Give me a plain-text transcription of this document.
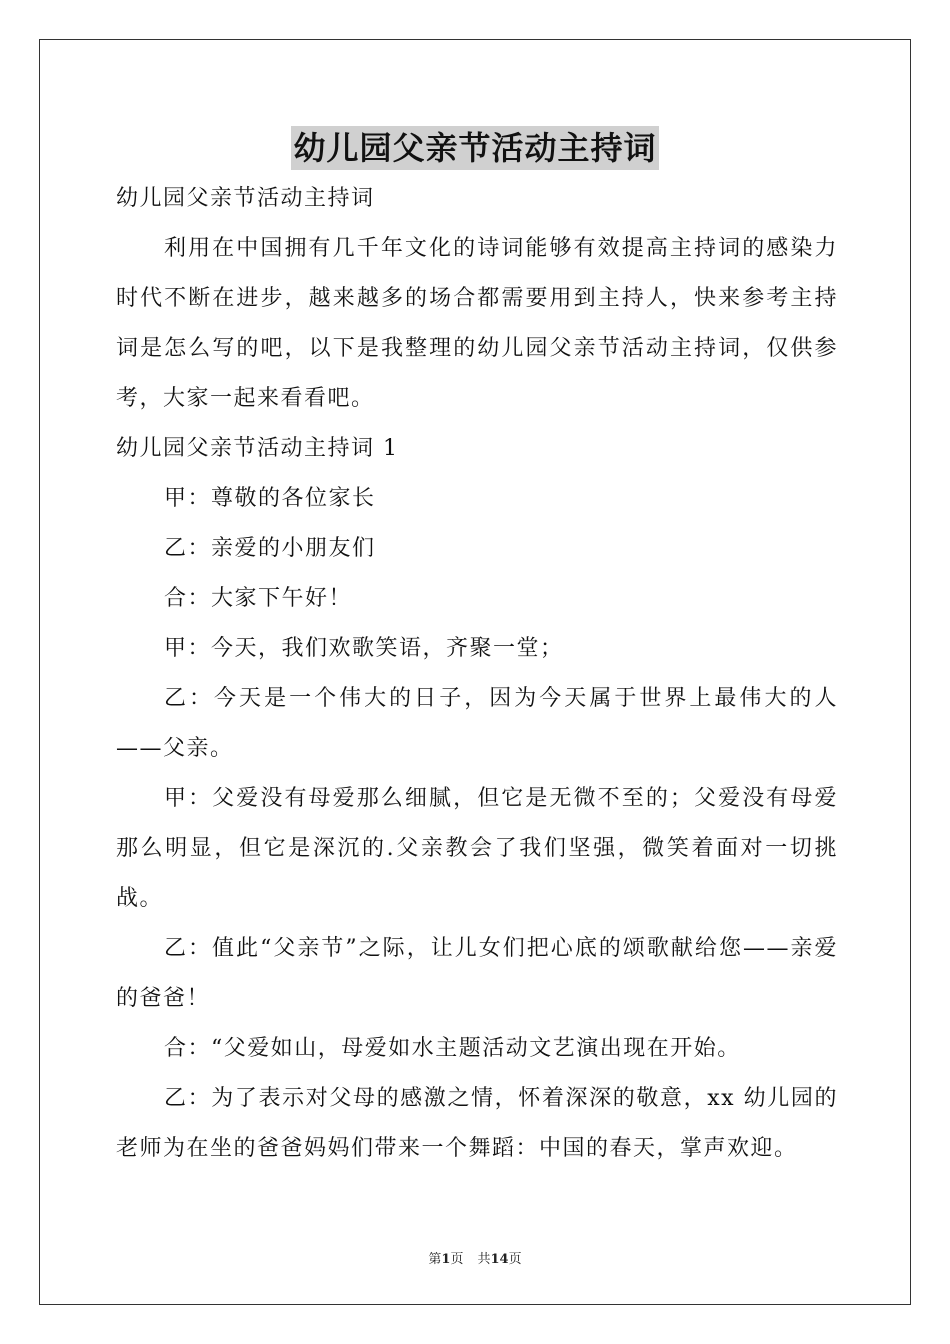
幼儿园父亲节活动主持词

幼儿园父亲节活动主持词

利用在中国拥有几千年文化的诗词能够有效提高主持词的感染力时代不断在进步，越来越多的场合都需要用到主持人，快来参考主持词是怎么写的吧，以下是我整理的幼儿园父亲节活动主持词，仅供参考，大家一起来看看吧。

幼儿园父亲节活动主持词 1

甲：尊敬的各位家长

乙：亲爱的小朋友们

合：大家下午好！

甲：今天，我们欢歌笑语，齐聚一堂；

乙：今天是一个伟大的日子，因为今天属于世界上最伟大的人——父亲。

甲：父爱没有母爱那么细腻，但它是无微不至的；父爱没有母爱那么明显，但它是深沉的.父亲教会了我们坚强，微笑着面对一切挑战。

乙：值此“父亲节”之际，让儿女们把心底的颂歌献给您——亲爱的爸爸！

合：“父爱如山，母爱如水主题活动文艺演出现在开始。

乙：为了表示对父母的感激之情，怀着深深的敬意，xx 幼儿园的老师为在坐的爸爸妈妈们带来一个舞蹈：中国的春天，掌声欢迎。

第1页 共14页
